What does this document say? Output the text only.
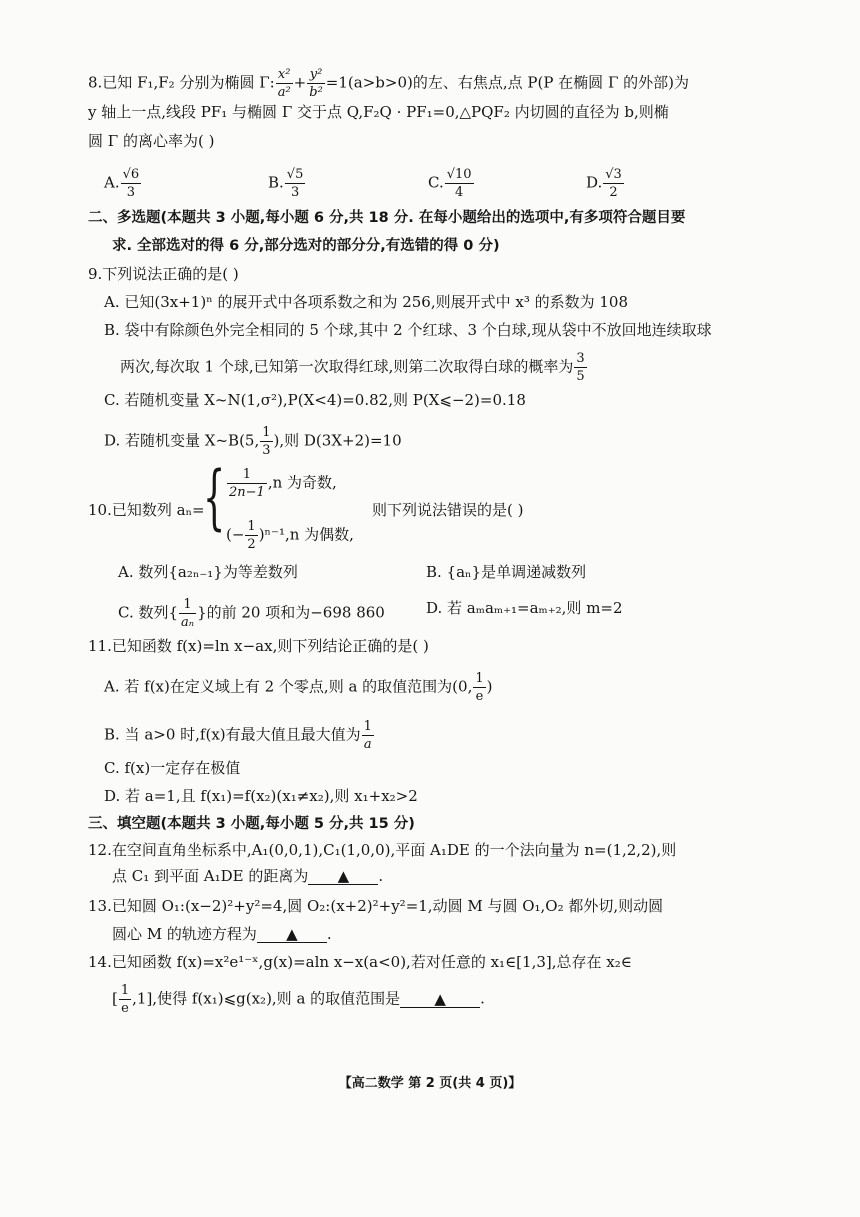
8.已知 F₁,F₂ 分别为椭圆 Γ: $\frac{\text{x²}}{\text{a²}} + \frac{\text{y²}}{\text{b²}} =1(a>b>0)$的左、右焦点,点 P(P 在椭圆 Γ 的外部)为
y 轴上一点,线段 PF₁ 与椭圆 Γ 交于点 Q,F₂Q · PF₁=0,△PQF₂ 内切圆的直径为 b,则椭
圆 Γ 的离心率为( )
A. $\frac{√6}{3}$	B. $\frac{√5}{3}$	C. $\frac{√10}{4}$	D. $\frac{√3}{2}$
二、多选题(本题共 3 小题,每小题 6 分,共 18 分. 在每小题给出的选项中,有多项符合题目要
求. 全部选对的得 6 分,部分选对的部分分,有选错的得 0 分)
9.下列说法正确的是( )
A. 已知(3x+1)ⁿ 的展开式中各项系数之和为 256,则展开式中 x³ 的系数为 108
B. 袋中有除颜色外完全相同的 5 个球,其中 2 个红球、3 个白球,现从袋中不放回地连续取球
两次,每次取 1 个球,已知第一次取得红球,则第二次取得白球的概率为 $\frac{3}{5}$
C. 若随机变量 X~N(1,σ²),P(X<4)=0.82,则 P(X⩽−2)=0.18
D. 若随机变量 X~B(5, $\frac{1}{3}$ ),则 D(3X+2)=10
10.已知数列 aₙ=
{ $\frac{1}{2n-1} ,n$ 为奇数,
(− $\frac{1}{2} )^{n-1},n$ 为偶数,
则下列说法错误的是( )
A. 数列{a₂ₙ₋₁}为等差数列	B. {aₙ}是单调递减数列
C. 数列{ $\frac{1}{\text{aₙ}}$ }的前 20 项和为−698 860	D. 若 aₘaₘ₊₁=aₘ₊₂,则 m=2
11.已知函数 f(x)=ln x−ax,则下列结论正确的是( )
A. 若 f(x)在定义域上有 2 个零点,则 a 的取值范围为(0, $\frac{1}{e}$ )
B. 当 a>0 时,f(x)有最大值且最大值为 $\frac{1}{a}$
C. f(x)一定存在极值
D. 若 a=1,且 f(x₁)=f(x₂)(x₁≠x₂),则 x₁+x₂>2
三、填空题(本题共 3 小题,每小题 5 分,共 15 分)
12.在空间直角坐标系中,A₁(0,0,1),C₁(1,0,0),平面 A₁DE 的一个法向量为 n=(1,2,2),则
点 C₁ 到平面 A₁DE 的距离为 ▲ .
13.已知圆 O₁:(x−2)²+y²=4,圆 O₂:(x+2)²+y²=1,动圆 M 与圆 O₁,O₂ 都外切,则动圆
圆心 M 的轨迹方程为 ▲ .
14.已知函数 f(x)=x²e¹⁻ˣ,g(x)=aln x−x(a<0),若对任意的 x₁∈[1,3],总存在 x₂∈
[ $\frac{1}{e} ,1$],使得 f(x₁)⩽g(x₂),则 a 的取值范围是 ▲ .
【高二数学 第 2 页(共 4 页)】
